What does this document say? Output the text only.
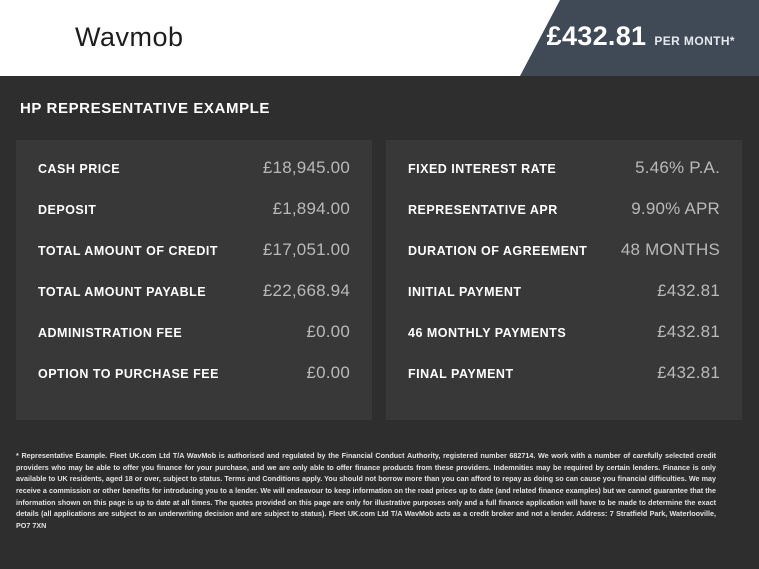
Wavmob	£432.81 PER MONTH*
HP REPRESENTATIVE EXAMPLE
CASH PRICE	£18,945.00
DEPOSIT	£1,894.00
TOTAL AMOUNT OF CREDIT	£17,051.00
TOTAL AMOUNT PAYABLE	£22,668.94
ADMINISTRATION FEE	£0.00
OPTION TO PURCHASE FEE	£0.00
FIXED INTEREST RATE	5.46% P.A.
REPRESENTATIVE APR	9.90% APR
DURATION OF AGREEMENT 48 MONTHS
INITIAL PAYMENT	£432.81
46 MONTHLY PAYMENTS	£432.81
FINAL PAYMENT	£432.81
* Representative Example. Fleet UK.com Ltd T/A WavMob is authorised and regulated by the Financial Conduct Authority, registered number 682714. We work with a number of carefully selected credit providers who may be able to offer you finance for your purchase, and we are only able to offer finance products from these providers. Indemnities may be required by certain lenders. Finance is only available to UK residents, aged 18 or over, subject to status. Terms and Conditions apply. You should not borrow more than you can afford to repay as doing so can cause you financial difficulties. We may receive a commission or other benefits for introducing you to a lender. We will endeavour to keep information on the road prices up to date (and related finance examples) but we cannot guarantee that the information shown on this page is up to date at all times. The quotes provided on this page are only for illustrative purposes only and a full finance application will have to be made to determine the exact details (all applications are subject to an underwriting decision and are subject to status). Fleet UK.com Ltd T/A WavMob acts as a credit broker and not a lender. Address: 7 Stratfield Park, Waterlooville, PO7 7XN
